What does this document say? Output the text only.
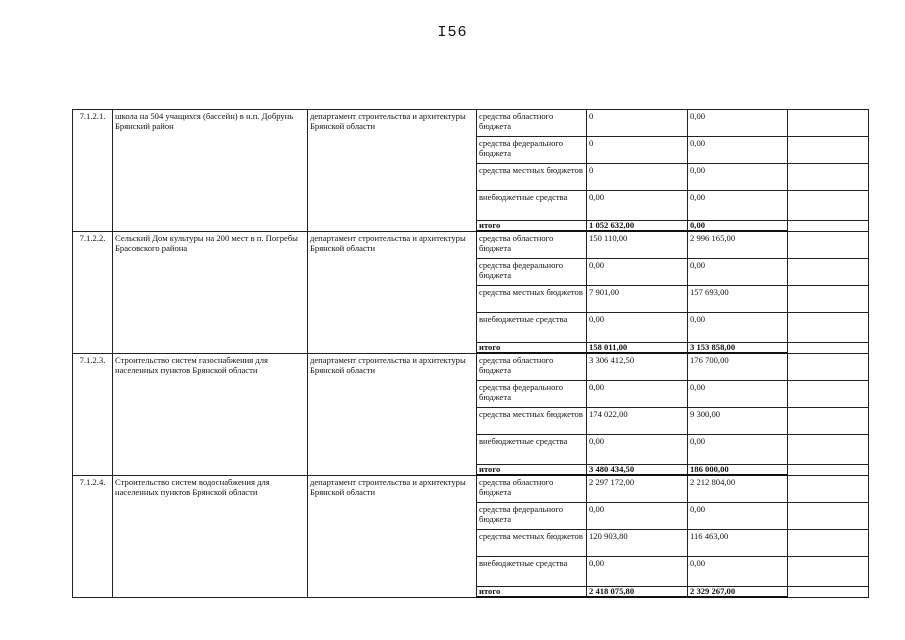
I56
7.1.2.1.	школа на 504 учащихся (бассейн) в н.п. Добрунь Брянский район	департамент строительства и архитектуры Брянской области	средства областного бюджета	0	0,00	
			средства федерального бюджета	0	0,00	
			средства местных бюджетов	0	0,00	
			внебюджетные средства	0,00	0,00	
			итого	1 052 632,00	0,00	
7.1.2.2.	Сельский Дом культуры на 200 мест в п. Погребы Брасовского района	департамент строительства и архитектуры Брянской области	средства областного бюджета	150 110,00	2 996 165,00	
			средства федерального бюджета	0,00	0,00	
			средства местных бюджетов	7 901,00	157 693,00	
			внебюджетные средства	0,00	0,00	
			итого	158 011,00	3 153 858,00	
7.1.2.3.	Строительство систем газоснабжения для населенных пунктов Брянской области	департамент строительства и архитектуры Брянской области	средства областного бюджета	3 306 412,50	176 700,00	
			средства федерального бюджета	0,00	0,00	
			средства местных бюджетов	174 022,00	9 300,00	
			внебюджетные средства	0,00	0,00	
			итого	3 480 434,50	186 000,00	
7.1.2.4.	Строительство систем водоснабжения для населенных пунктов Брянской области	департамент строительства и архитектуры Брянской области	средства областного бюджета	2 297 172,00	2 212 804,00	
			средства федерального бюджета	0,00	0,00	
			средства местных бюджетов	120 903,80	116 463,00	
			внебюджетные средства	0,00	0,00	
			итого	2 418 075,80	2 329 267,00	
